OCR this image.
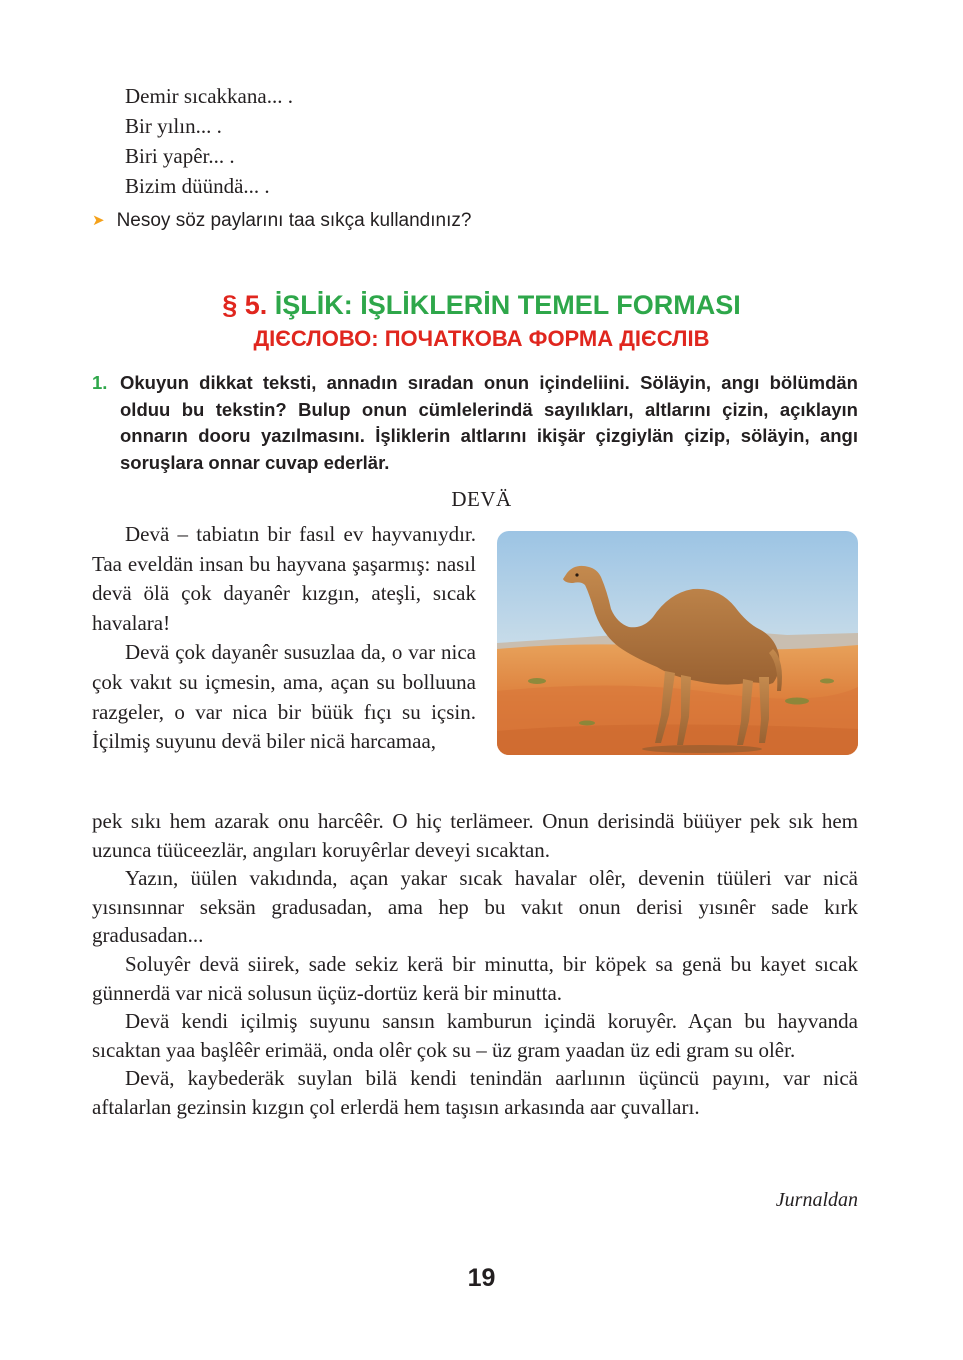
Demir sıcakkana... .
Bir yılın... .
Biri yapêr... .
Bizim düündä... .
➤ Nesoy söz paylarını taa sıkça kullandınız?
§ 5. İŞLİK: İŞLİKLERİN TEMEL FORMASI
ДІЄСЛОВО: ПОЧАТКОВА ФОРМА ДІЄСЛІВ
1. Okuyun dikkat teksti, annadın sıradan onun içindeliini. Söläyin, angı bölümdän olduu bu tekstin? Bulup onun cümlelerindä sayılıkları, altlarını çizin, açıklayın onnarın dooru yazılmasını. İşliklerin altlarını ikişär çizgiylän çizip, söläyin, angı soruşlara onnar cuvap ederlär.
DEVÄ

Devä – tabiatın bir fasıl ev hayvanıydır. Taa eveldän insan bu hayvana şaşarmış: nasıl devä ölä çok dayanêr kızgın, ateşli, sıcak havalara!

Devä çok dayanêr susuzlaa da, o var nica çok vakıt su içmesin, ama, açan su bolluuna razgeler, o var nica bir büük fıçı su içsin. İçilmiş suyunu devä biler nicä harcamaa,

pek sıkı hem azarak onu harcêêr. O hiç terlämeer. Onun derisindä büüyer pek sık hem uzunca tüüceezlär, angıları koruyêrlar deveyi sıcaktan.

Yazın, üülen vakıdında, açan yakar sıcak havalar olêr, devenin tüüleri var nicä yısınsınnar seksän gradusadan, ama hep bu vakıt onun derisi yısınêr sade kırk gradusadan...

Soluyêr devä siirek, sade sekiz kerä bir minutta, bir köpek sa genä bu kayet sıcak günnerdä var nicä solusun üçüz-dortüz kerä bir minutta.

Devä kendi içilmiş suyunu sansın kamburun içindä koruyêr. Açan bu hayvanda sıcaktan yaa başlêêr erimää, onda olêr çok su – üz gram yaadan üz edi gram su olêr.

Devä, kaybederäk suylan bilä kendi tenindän aarlıının üçüncü payını, var nicä aftalarlan gezinsin kızgın çol erlerdä hem taşısın arkasında aar çuvalları.

Jurnaldan
19
